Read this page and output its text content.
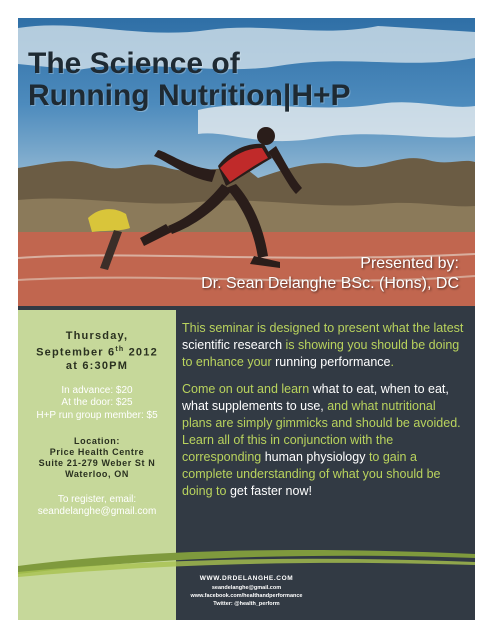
The Science of
Running Nutrition|H+P
Presented by:
Dr. Sean Delanghe BSc. (Hons), DC
Thursday,
September 6th 2012
at 6:30PM
In advance: $20
At the door: $25
H+P run group member: $5
Location:
Price Health Centre
Suite 21-279 Weber St N
Waterloo, ON
To register, email:
seandelanghe@gmail.com

This seminar is designed to present what the latest scientific research is showing you should be doing to enhance your running performance.

Come on out and learn what to eat, when to eat, what supplements to use, and what nutritional plans are simply gimmicks and should be avoided. Learn all of this in conjunction with the corresponding human physiology to gain a complete understanding of what you should be doing to get faster now!

WWW.DRDELANGHE.COM
seandelanghe@gmail.com
www.facebook.com/healthandperformance
Twitter: @health_perform
